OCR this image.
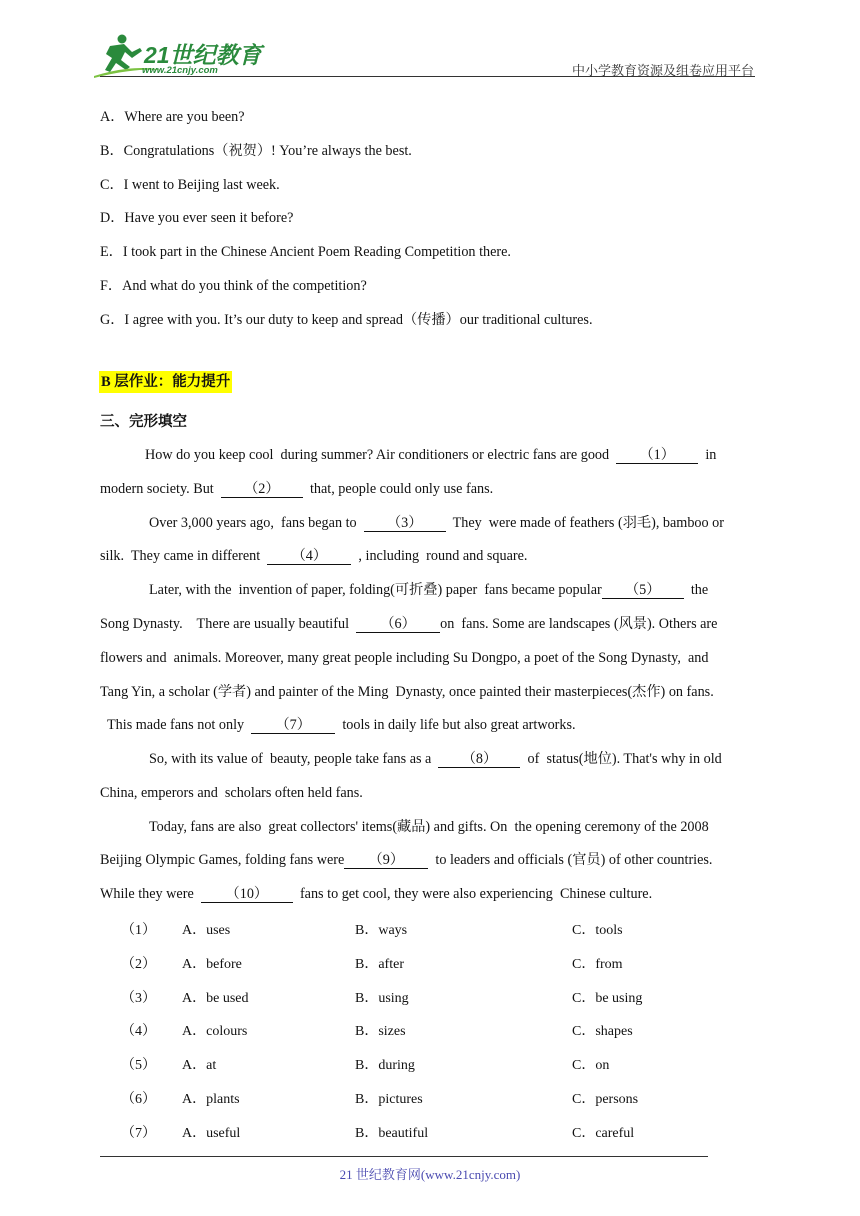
21世纪教育
www.21cnjy.com	中小学教育资源及组卷应用平台
A．Where are you been?
B．Congratulations（祝贺）! You’re always the best.
C．I went to Beijing last week.
D．Have you ever seen it before?
E．I took part in the Chinese Ancient Poem Reading Competition there.
F．And what do you think of the competition?
G．I agree with you. It’s our duty to keep and spread（传播）our traditional cultures.
B 层作业：能力提升
三、完形填空
How do you keep cool  during summer? Air conditioners or electric fans are good （1） in
modern society. But （2） that, people could only use fans.
Over 3,000 years ago,  fans began to （3） They  were made of feathers (羽毛), bamboo or
silk.  They came in different （4） , including  round and square.
Later, with the  invention of paper, folding(可折叠) paper  fans became popular （5） the
Song Dynasty.    There are usually beautiful （6） on  fans. Some are landscapes (风景). Others are
flowers and  animals. Moreover, many great people including Su Dongpo, a poet of the Song Dynasty,  and
Tang Yin, a scholar (学者) and painter of the Ming  Dynasty, once painted their masterpieces(杰作) on fans.
This made fans not only （7） tools in daily life but also great artworks.
So, with its value of  beauty, people take fans as a （8） of  status(地位). That's why in old
China, emperors and  scholars often held fans.
Today, fans are also  great collectors' items(藏品) and gifts. On  the opening ceremony of the 2008
Beijing Olympic Games, folding fans were （9） to leaders and officials (官员) of other countries.
While they were （10） fans to get cool, they were also experiencing  Chinese culture.
（1） A．uses	B．ways	C．tools
（2） A．before	B．after	C．from
（3） A．be used	B．using	C．be using
（4） A．colours	B．sizes	C．shapes
（5） A．at	B．during	C．on
（6） A．plants	B．pictures	C．persons
（7） A．useful	B．beautiful	C．careful
21 世纪教育网(www.21cnjy.com)
